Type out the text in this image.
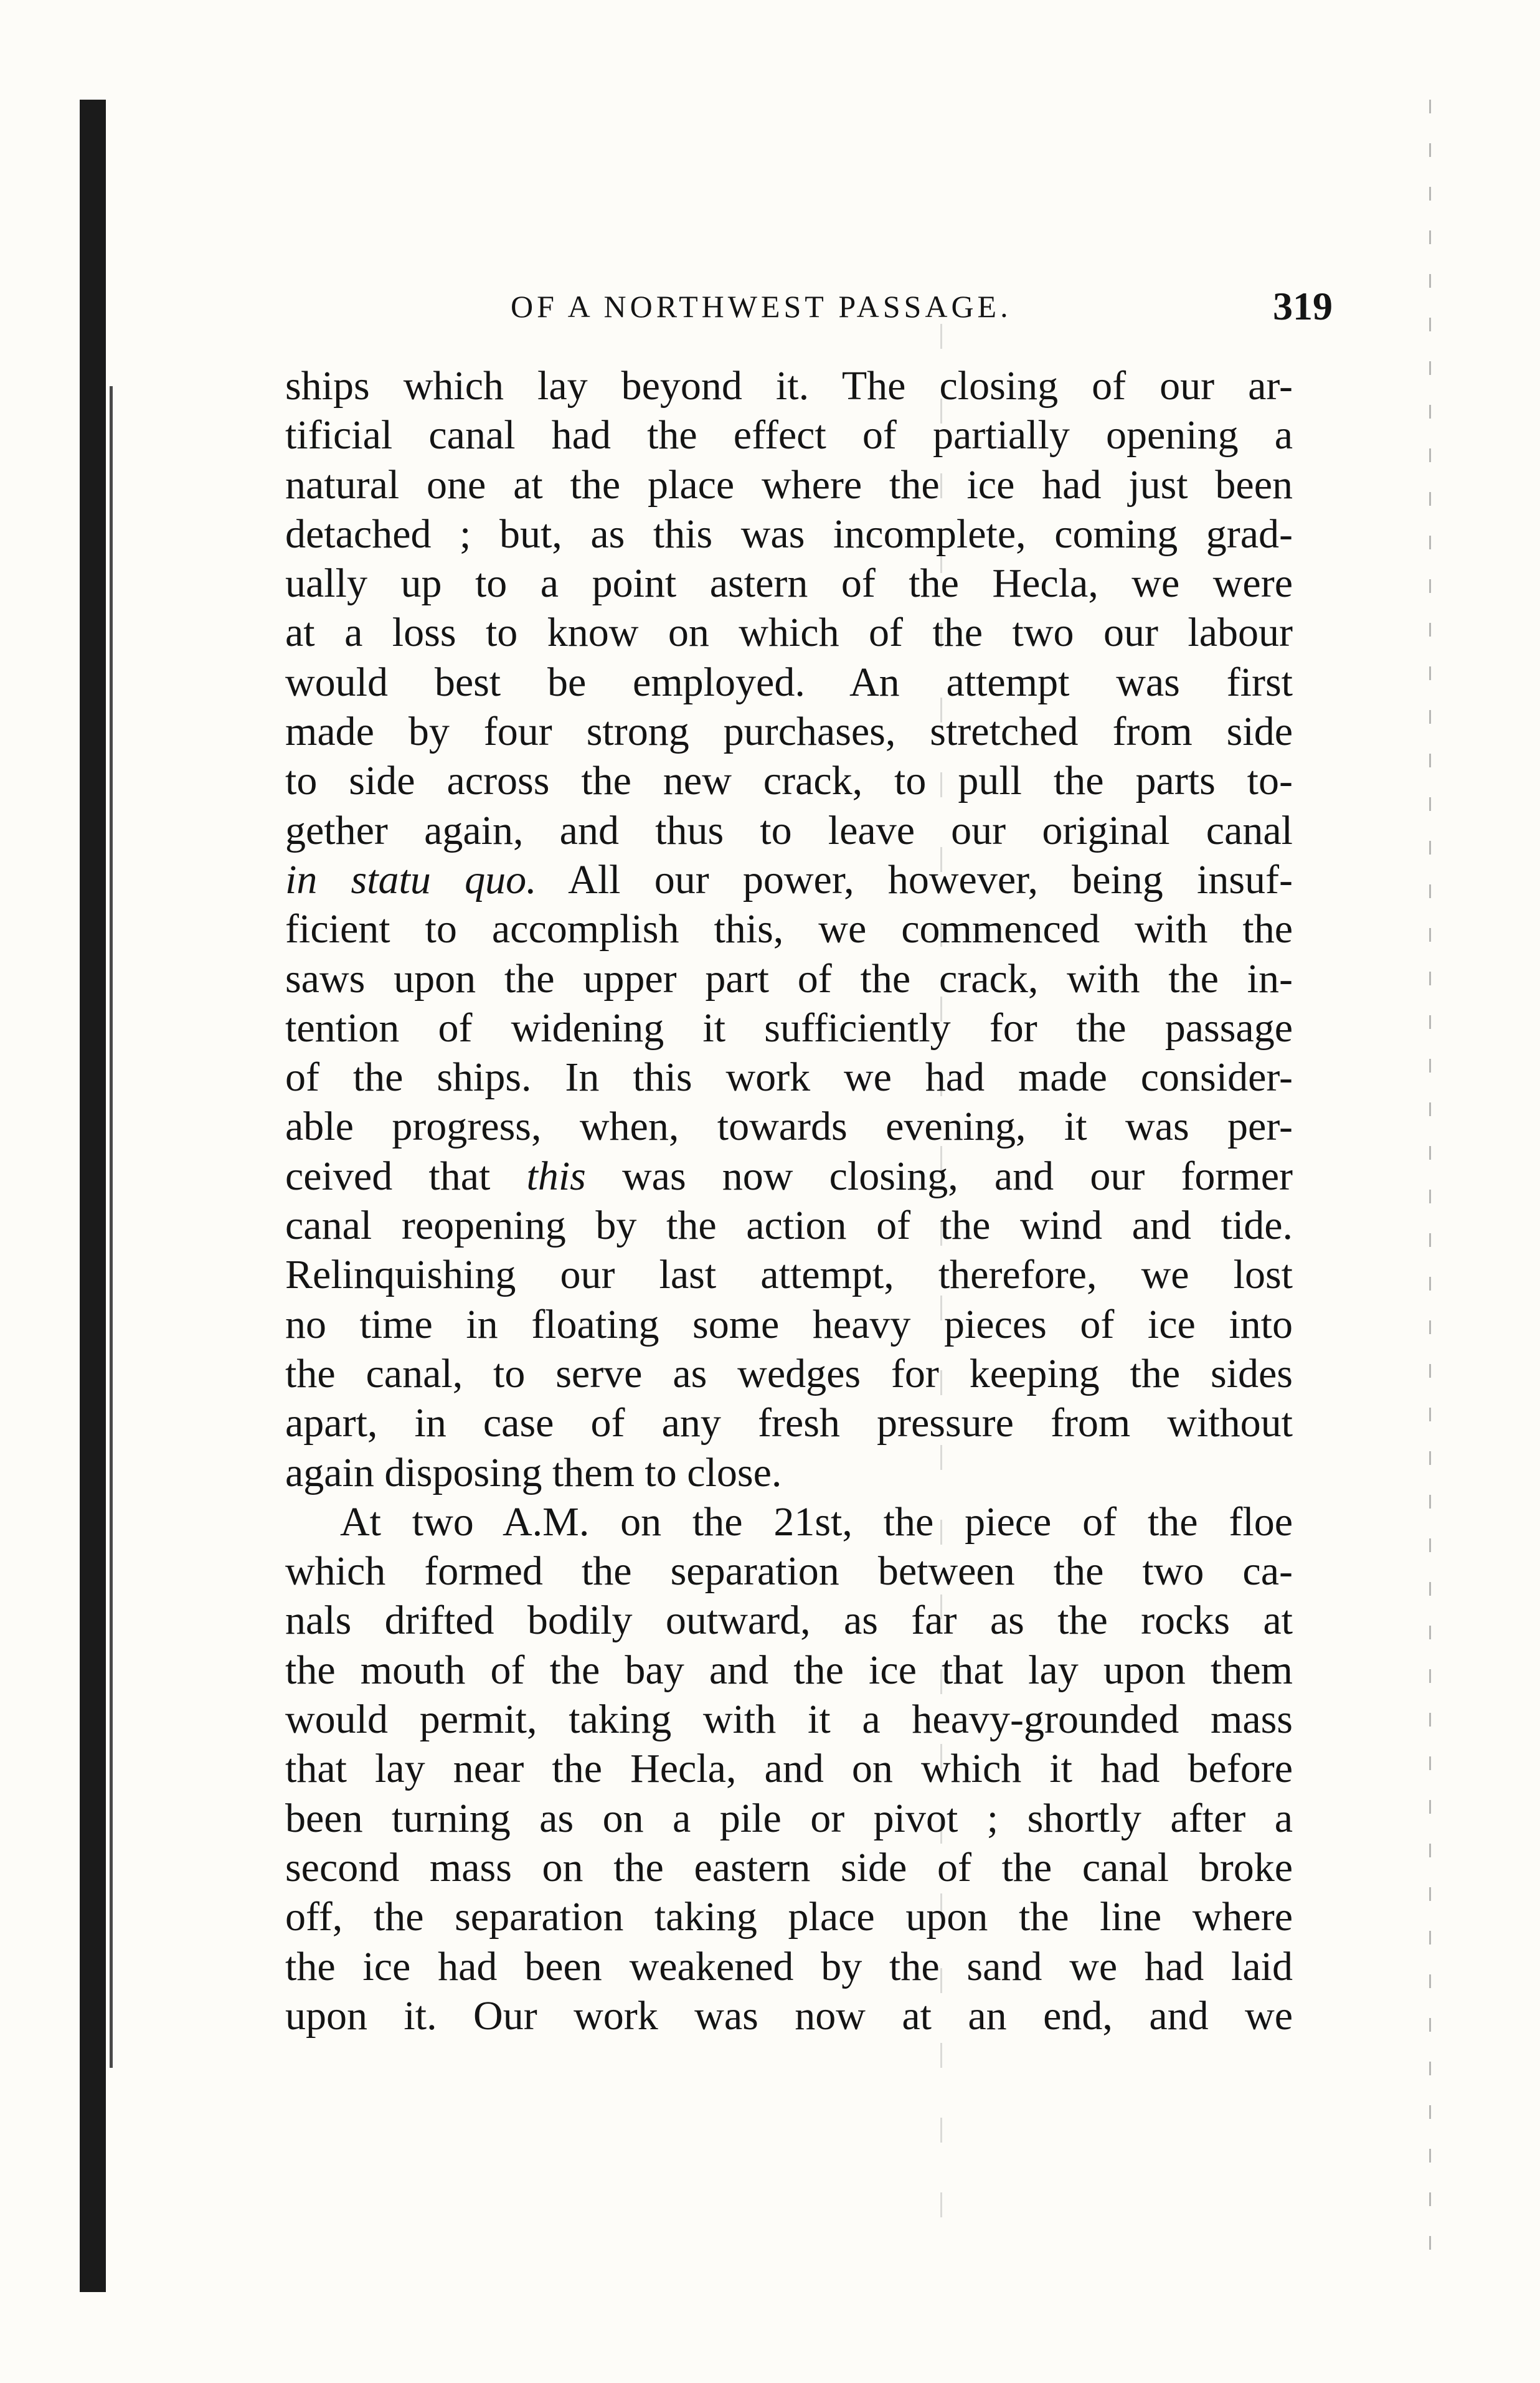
OF A NORTHWEST PASSAGE.	319
ships which lay beyond it. The closing of our ar-
tificial canal had the effect of partially opening a
natural one at the place where the ice had just been
detached ; but, as this was incomplete, coming grad-
ually up to a point astern of the Hecla, we were
at a loss to know on which of the two our labour
would best be employed. An attempt was first
made by four strong purchases, stretched from side
to side across the new crack, to pull the parts to-
gether again, and thus to leave our original canal
in statu quo. All our power, however, being insuf-
ficient to accomplish this, we commenced with the
saws upon the upper part of the crack, with the in-
tention of widening it sufficiently for the passage
of the ships. In this work we had made consider-
able progress, when, towards evening, it was per-
ceived that this was now closing, and our former
canal reopening by the action of the wind and tide.
Relinquishing our last attempt, therefore, we lost
no time in floating some heavy pieces of ice into
the canal, to serve as wedges for keeping the sides
apart, in case of any fresh pressure from without
again disposing them to close.
At two A.M. on the 21st, the piece of the floe
which formed the separation between the two ca-
nals drifted bodily outward, as far as the rocks at
the mouth of the bay and the ice that lay upon them
would permit, taking with it a heavy-grounded mass
that lay near the Hecla, and on which it had before
been turning as on a pile or pivot ; shortly after a
second mass on the eastern side of the canal broke
off, the separation taking place upon the line where
the ice had been weakened by the sand we had laid
upon it. Our work was now at an end, and we
